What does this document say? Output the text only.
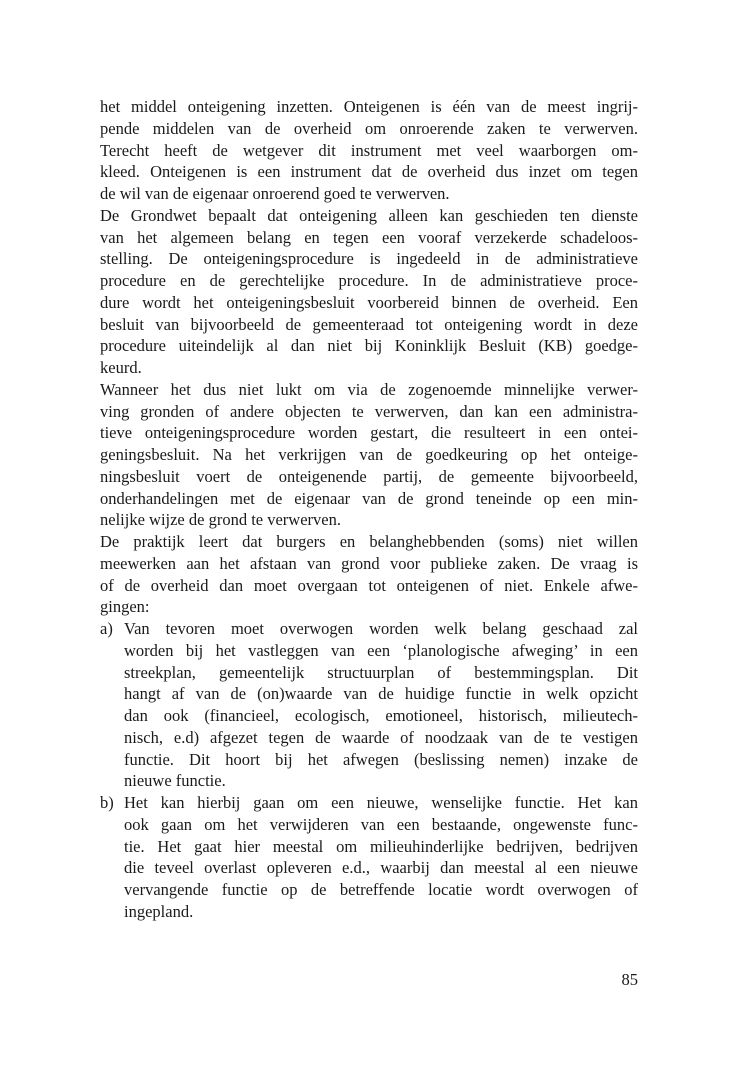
het middel onteigening inzetten. Onteigenen is één van de meest ingrij-
pende middelen van de overheid om onroerende zaken te verwerven.
Terecht heeft de wetgever dit instrument met veel waarborgen om-
kleed. Onteigenen is een instrument dat de overheid dus inzet om tegen
de wil van de eigenaar onroerend goed te verwerven.
De Grondwet bepaalt dat onteigening alleen kan geschieden ten dienste
van het algemeen belang en tegen een vooraf verzekerde schadeloos-
stelling. De onteigeningsprocedure is ingedeeld in de administratieve
procedure en de gerechtelijke procedure. In de administratieve proce-
dure wordt het onteigeningsbesluit voorbereid binnen de overheid. Een
besluit van bijvoorbeeld de gemeenteraad tot onteigening wordt in deze
procedure uiteindelijk al dan niet bij Koninklijk Besluit (KB) goedge-
keurd.
Wanneer het dus niet lukt om via de zogenoemde minnelijke verwer-
ving gronden of andere objecten te verwerven, dan kan een administra-
tieve onteigeningsprocedure worden gestart, die resulteert in een ontei-
geningsbesluit. Na het verkrijgen van de goedkeuring op het onteige-
ningsbesluit voert de onteigenende partij, de gemeente bijvoorbeeld,
onderhandelingen met de eigenaar van de grond teneinde op een min-
nelijke wijze de grond te verwerven.
De praktijk leert dat burgers en belanghebbenden (soms) niet willen
meewerken aan het afstaan van grond voor publieke zaken. De vraag is
of de overheid dan moet overgaan tot onteigenen of niet. Enkele afwe-
gingen:
a) Van tevoren moet overwogen worden welk belang geschaad zal
worden bij het vastleggen van een ‘planologische afweging’ in een
streekplan, gemeentelijk structuurplan of bestemmingsplan. Dit
hangt af van de (on)waarde van de huidige functie in welk opzicht
dan ook (financieel, ecologisch, emotioneel, historisch, milieutech-
nisch, e.d) afgezet tegen de waarde of noodzaak van de te vestigen
functie. Dit hoort bij het afwegen (beslissing nemen) inzake de
nieuwe functie.
b) Het kan hierbij gaan om een nieuwe, wenselijke functie. Het kan
ook gaan om het verwijderen van een bestaande, ongewenste func-
tie. Het gaat hier meestal om milieuhinderlijke bedrijven, bedrijven
die teveel overlast opleveren e.d., waarbij dan meestal al een nieuwe
vervangende functie op de betreffende locatie wordt overwogen of
ingepland.
85
